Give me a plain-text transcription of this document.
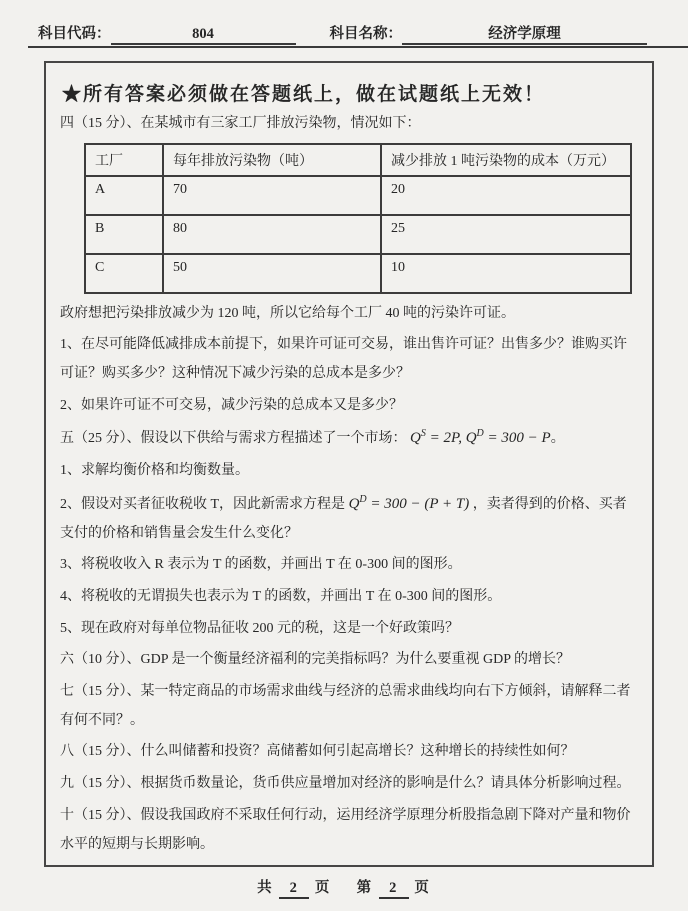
科目代码：	804	科目名称：	经济学原理
★所有答案必须做在答题纸上，做在试题纸上无效！
四（15 分）、在某城市有三家工厂排放污染物，情况如下：
工厂	每年排放污染物（吨）	减少排放 1 吨污染物的成本（万元）
A	70	20
B	80	25
C	50	10
政府想把污染排放减少为 120 吨，所以它给每个工厂 40 吨的污染许可证。
1、在尽可能降低减排成本前提下，如果许可证可交易，谁出售许可证？出售多少？谁购买许可证？购买多少？这种情况下减少污染的总成本是多少？
2、如果许可证不可交易，减少污染的总成本又是多少？
五（25 分）、假设以下供给与需求方程描述了一个市场： $Q^S = 2P$, $Q^D = 300 - P$。
1、求解均衡价格和均衡数量。
2、假设对买者征收税收 T，因此新需求方程是 $Q^D = 300 - (P + T)$ ，卖者得到的价格、买者支付的价格和销售量会发生什么变化？
3、将税收收入 R 表示为 T 的函数，并画出 T 在 0-300 间的图形。
4、将税收的无谓损失也表示为 T 的函数，并画出 T 在 0-300 间的图形。
5、现在政府对每单位物品征收 200 元的税，这是一个好政策吗？
六（10 分）、GDP 是一个衡量经济福利的完美指标吗？为什么要重视 GDP 的增长？
七（15 分）、某一特定商品的市场需求曲线与经济的总需求曲线均向右下方倾斜，请解释二者有何不同？。
八（15 分）、什么叫储蓄和投资？高储蓄如何引起高增长？这种增长的持续性如何？
九（15 分）、根据货币数量论，货币供应量增加对经济的影响是什么？请具体分析影响过程。
十（15 分）、假设我国政府不采取任何行动，运用经济学原理分析股指急剧下降对产量和物价水平的短期与长期影响。
共 2 页 第 2 页
